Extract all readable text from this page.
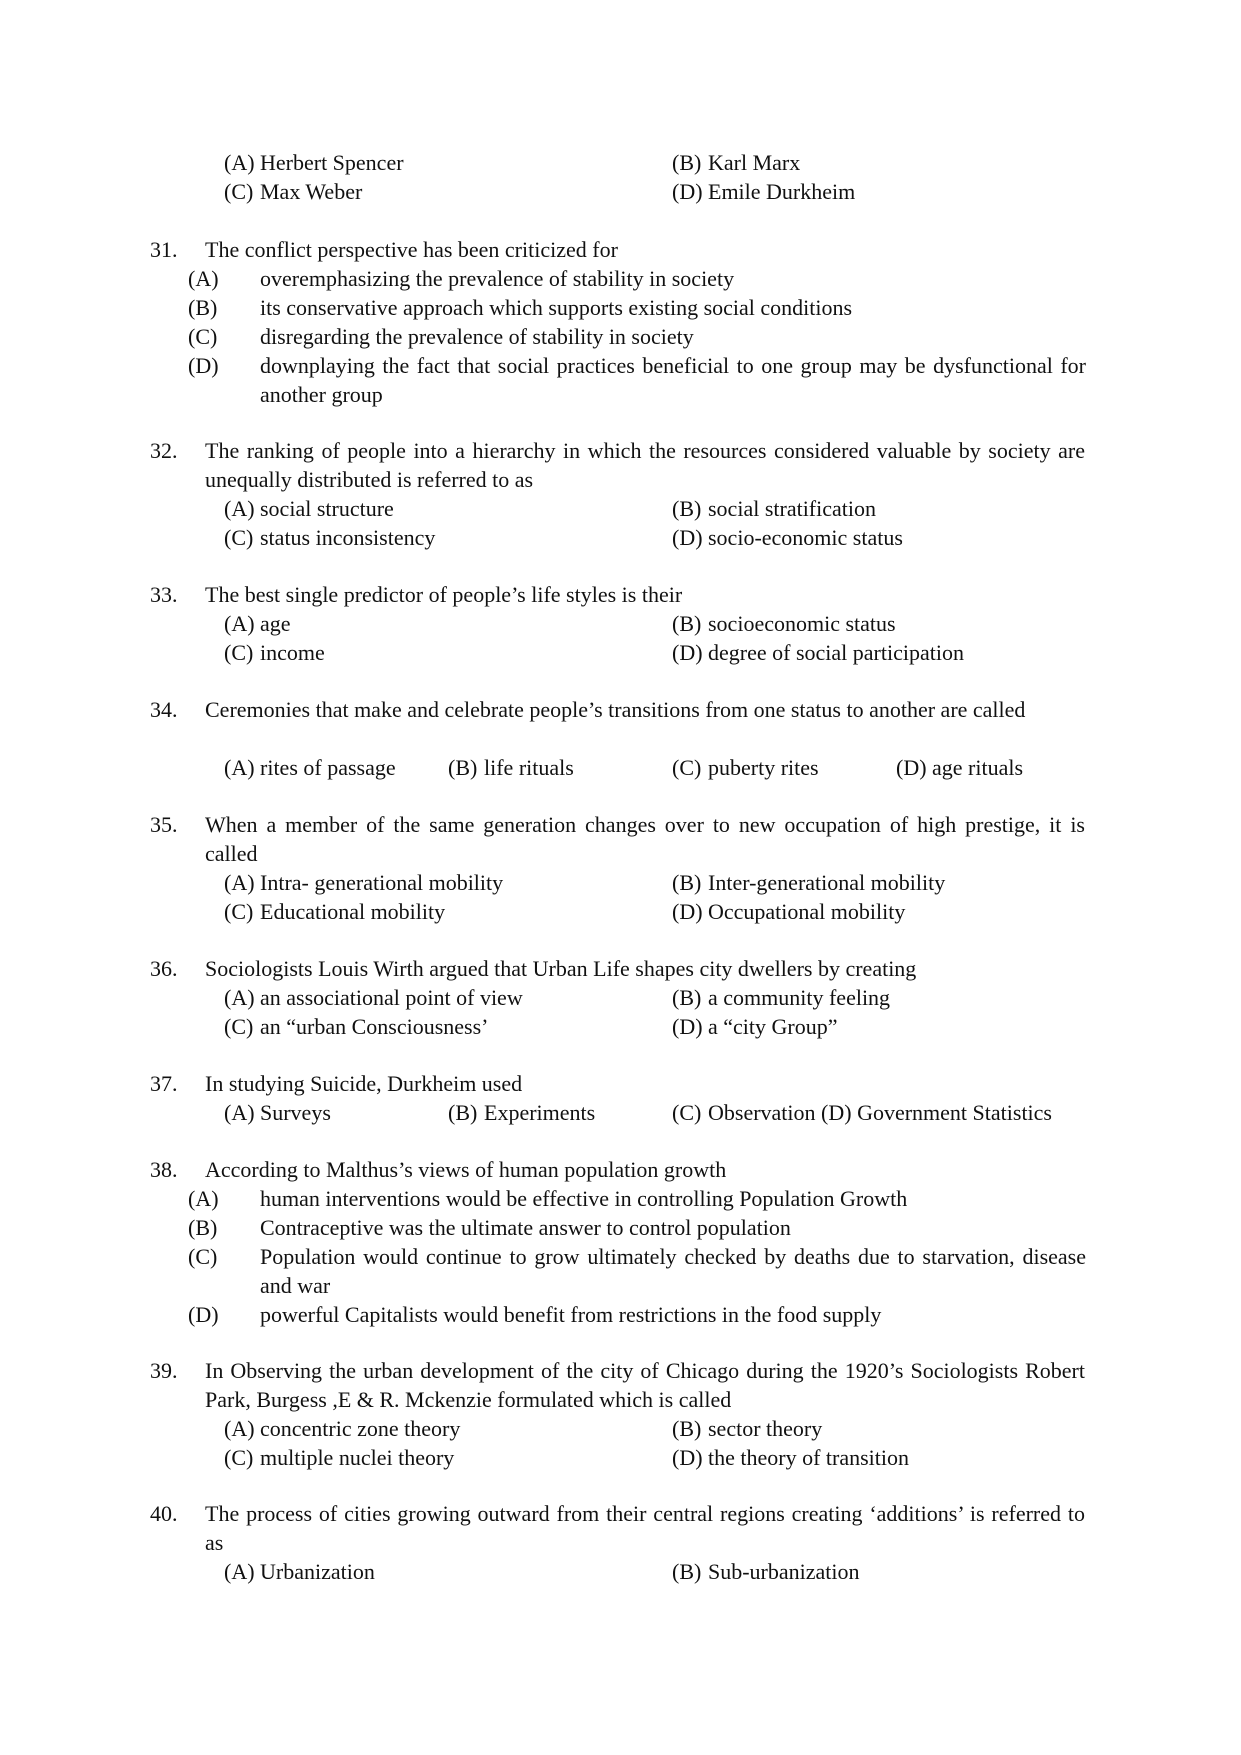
(A) Herbert Spencer	(B) Karl Marx
(C) Max Weber	(D) Emile Durkheim
31. The conflict perspective has been criticized for
(A) overemphasizing the prevalence of stability in society
(B) its conservative approach which supports existing social conditions
(C) disregarding the prevalence of stability in society
(D) downplaying the fact that social practices beneficial to one group may be dysfunctional for another group
32. The ranking of people into a hierarchy in which the resources considered valuable by society are unequally distributed is referred to as
(A) social structure	(B) social stratification
(C) status inconsistency	(D) socio-economic status
33. The best single predictor of people’s life styles is their
(A) age	(B) socioeconomic status
(C) income	(D) degree of social participation
34. Ceremonies that make and celebrate people’s transitions from one status to another are called
(A) rites of passage (B) life rituals	(C) puberty rites	(D) age rituals
35. When a member of the same generation changes over to new occupation of high prestige, it is called
(A) Intra- generational mobility	(B) Inter-generational mobility
(C) Educational mobility	(D) Occupational mobility
36. Sociologists Louis Wirth argued that Urban Life shapes city dwellers by creating
(A) an associational point of view	(B) a community feeling
(C) an “urban Consciousness’	(D) a “city Group”
37. In studying Suicide, Durkheim used
(A) Surveys	(B) Experiments	(C) Observation (D) Government Statistics
38. According to Malthus’s views of human population growth
(A) human interventions would be effective in controlling Population Growth
(B) Contraceptive was the ultimate answer to control population
(C) Population would continue to grow ultimately checked by deaths due to starvation, disease and war
(D) powerful Capitalists would benefit from restrictions in the food supply
39. In Observing the urban development of the city of Chicago during the 1920’s Sociologists Robert Park, Burgess ,E & R. Mckenzie formulated which is called
(A) concentric zone theory	(B) sector theory
(C) multiple nuclei theory	(D) the theory of transition
40. The process of cities growing outward from their central regions creating ‘additions’ is referred to as
(A) Urbanization	(B) Sub-urbanization
